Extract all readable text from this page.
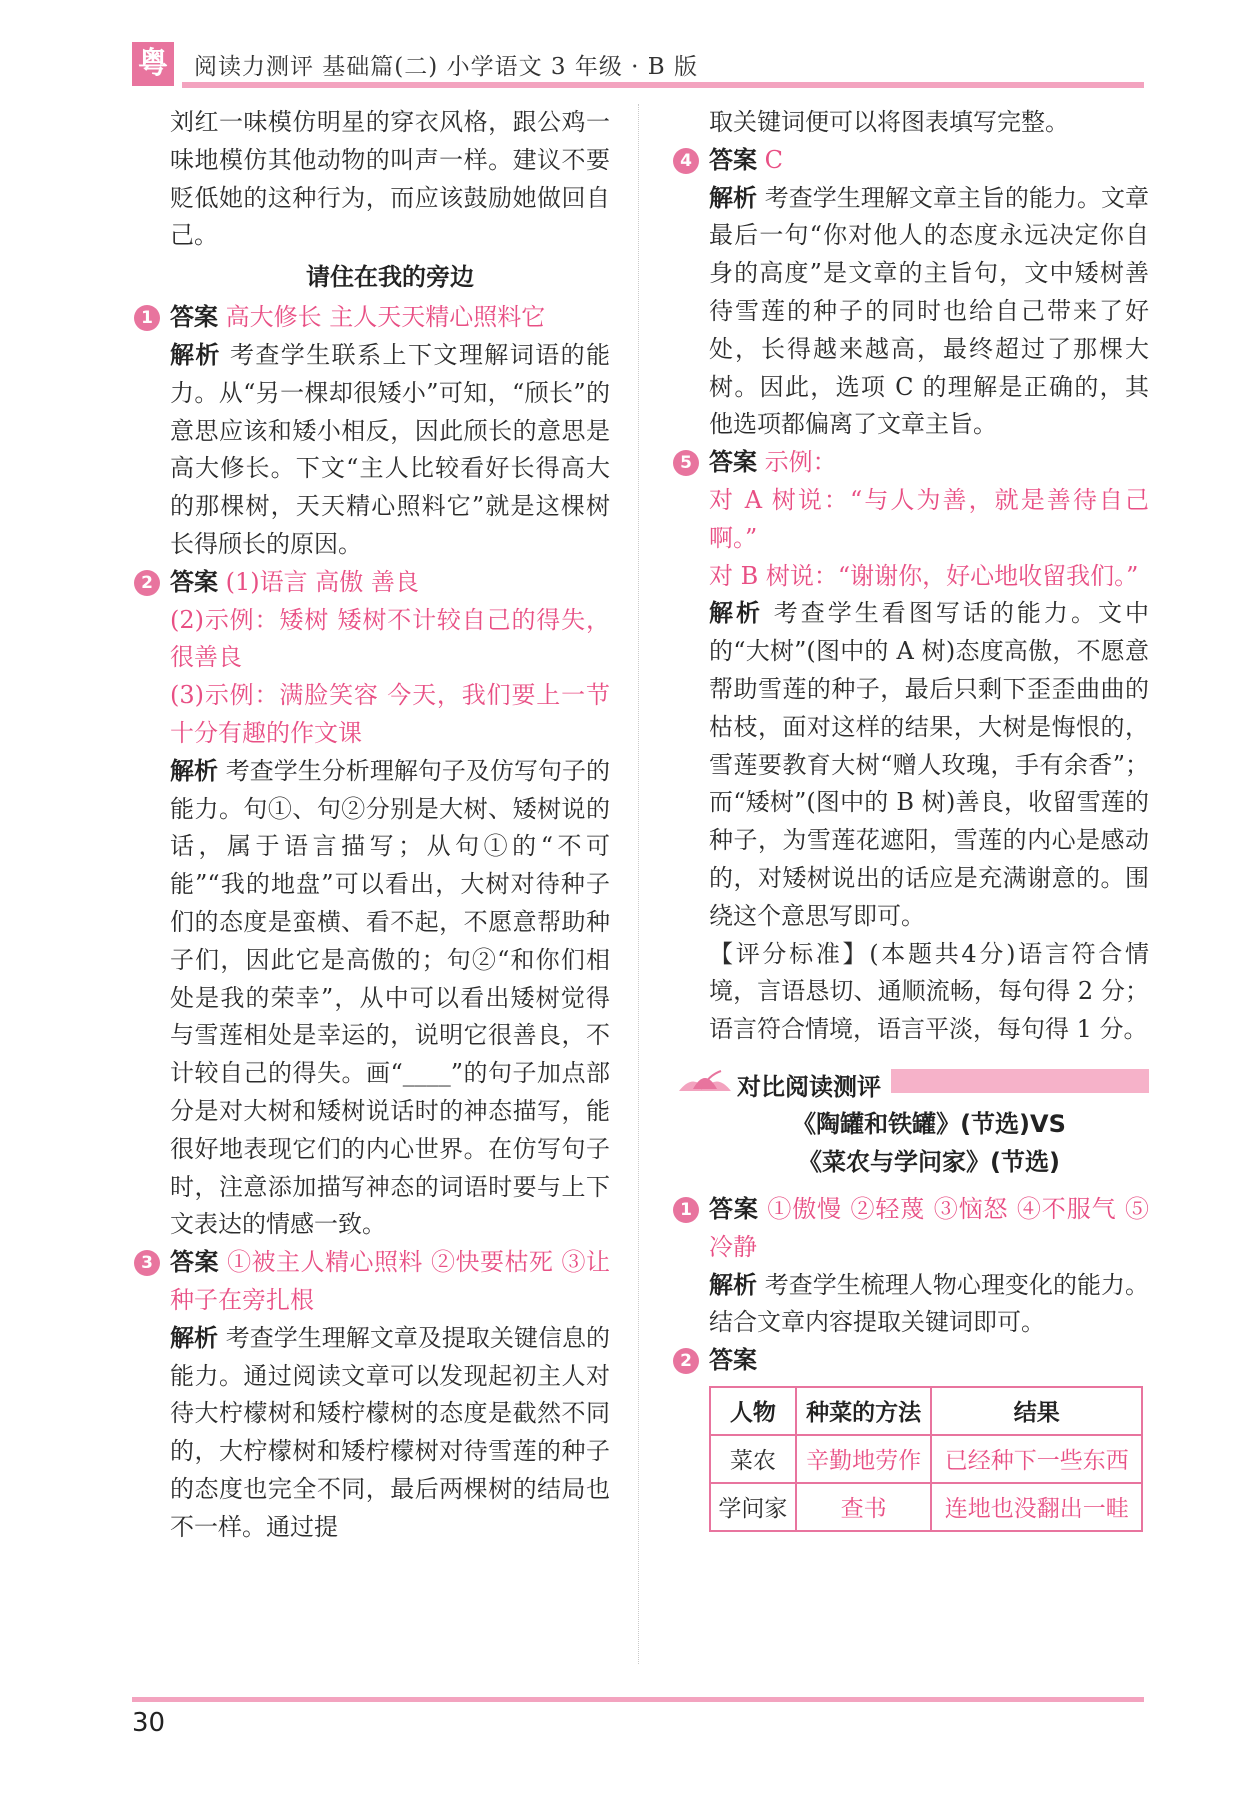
粤 阅读力测评 基础篇(二) 小学语文 3 年级 · B 版

刘红一味模仿明星的穿衣风格，跟公鸡一味地模仿其他动物的叫声一样。建议不要贬低她的这种行为，而应该鼓励她做回自己。

请住在我的旁边
1 答案 高大修长 主人天天精心照料它

解析 考查学生联系上下文理解词语的能力。从“另一棵却很矮小”可知，“颀长”的意思应该和矮小相反，因此颀长的意思是高大修长。下文“主人比较看好长得高大的那棵树，天天精心照料它”就是这棵树长得颀长的原因。

2 答案 (1)语言 高傲 善良

(2)示例：矮树 矮树不计较自己的得失，很善良

(3)示例：满脸笑容 今天，我们要上一节十分有趣的作文课

解析 考查学生分析理解句子及仿写句子的能力。句①、句②分别是大树、矮树说的话，属于语言描写；从句①的“不可能”“我的地盘”可以看出，大树对待种子们的态度是蛮横、看不起，不愿意帮助种子们，因此它是高傲的；句②“和你们相处是我的荣幸”，从中可以看出矮树觉得与雪莲相处是幸运的，说明它很善良，不计较自己的得失。画“____”的句子加点部分是对大树和矮树说话时的神态描写，能很好地表现它们的内心世界。在仿写句子时，注意添加描写神态的词语时要与上下文表达的情感一致。

3 答案 ①被主人精心照料 ②快要枯死 ③让种子在旁扎根

解析 考查学生理解文章及提取关键信息的能力。通过阅读文章可以发现起初主人对待大柠檬树和矮柠檬树的态度是截然不同的，大柠檬树和矮柠檬树对待雪莲的种子的态度也完全不同，最后两棵树的结局也不一样。通过提

取关键词便可以将图表填写完整。

4 答案 C

解析 考查学生理解文章主旨的能力。文章最后一句“你对他人的态度永远决定你自身的高度”是文章的主旨句，文中矮树善待雪莲的种子的同时也给自己带来了好处，长得越来越高，最终超过了那棵大树。因此，选项 C 的理解是正确的，其他选项都偏离了文章主旨。

5 答案 示例：

对 A 树说：“与人为善，就是善待自己啊。”

对 B 树说：“谢谢你，好心地收留我们。”

解析 考查学生看图写话的能力。文中的“大树”(图中的 A 树)态度高傲，不愿意帮助雪莲的种子，最后只剩下歪歪曲曲的枯枝，面对这样的结果，大树是悔恨的，雪莲要教育大树“赠人玫瑰，手有余香”；而“矮树”(图中的 B 树)善良，收留雪莲的种子，为雪莲花遮阳，雪莲的内心是感动的，对矮树说出的话应是充满谢意的。围绕这个意思写即可。

【评分标准】(本题共4分)语言符合情境，言语恳切、通顺流畅，每句得 2 分；语言符合情境，语言平淡，每句得 1 分。

对比阅读测评
《陶罐和铁罐》(节选)VS
《菜农与学问家》(节选)
1 答案 ①傲慢 ②轻蔑 ③恼怒 ④不服气 ⑤冷静

解析 考查学生梳理人物心理变化的能力。结合文章内容提取关键词即可。

2 答案

人物	种菜的方法	结果
菜农	辛勤地劳作	已经种下一些东西
学问家	查书	连地也没翻出一畦
30
